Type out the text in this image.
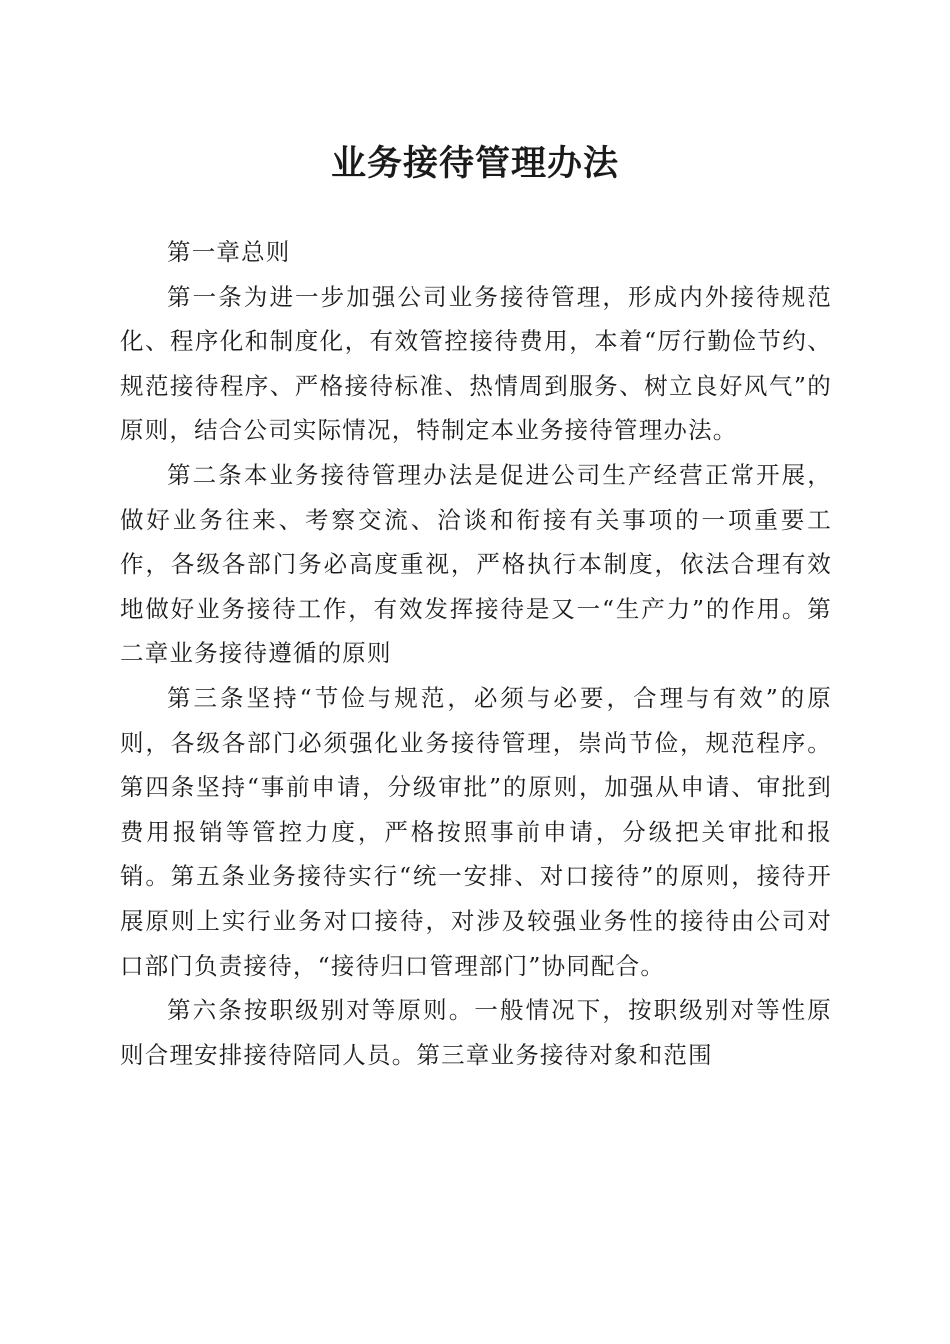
业务接待管理办法

第一章总则

第一条为进一步加强公司业务接待管理，形成内外接待规范化、程序化和制度化，有效管控接待费用，本着“厉行勤俭节约、规范接待程序、严格接待标准、热情周到服务、树立良好风气”的原则，结合公司实际情况，特制定本业务接待管理办法。

第二条本业务接待管理办法是促进公司生产经营正常开展，做好业务往来、考察交流、洽谈和衔接有关事项的一项重要工作，各级各部门务必高度重视，严格执行本制度，依法合理有效地做好业务接待工作，有效发挥接待是又一“生产力”的作用。第二章业务接待遵循的原则

第三条坚持“节俭与规范，必须与必要，合理与有效”的原则，各级各部门必须强化业务接待管理，崇尚节俭，规范程序。第四条坚持“事前申请，分级审批”的原则，加强从申请、审批到费用报销等管控力度，严格按照事前申请，分级把关审批和报销。第五条业务接待实行“统一安排、对口接待”的原则，接待开展原则上实行业务对口接待，对涉及较强业务性的接待由公司对口部门负责接待，“接待归口管理部门”协同配合。

第六条按职级别对等原则。一般情况下，按职级别对等性原则合理安排接待陪同人员。第三章业务接待对象和范围
